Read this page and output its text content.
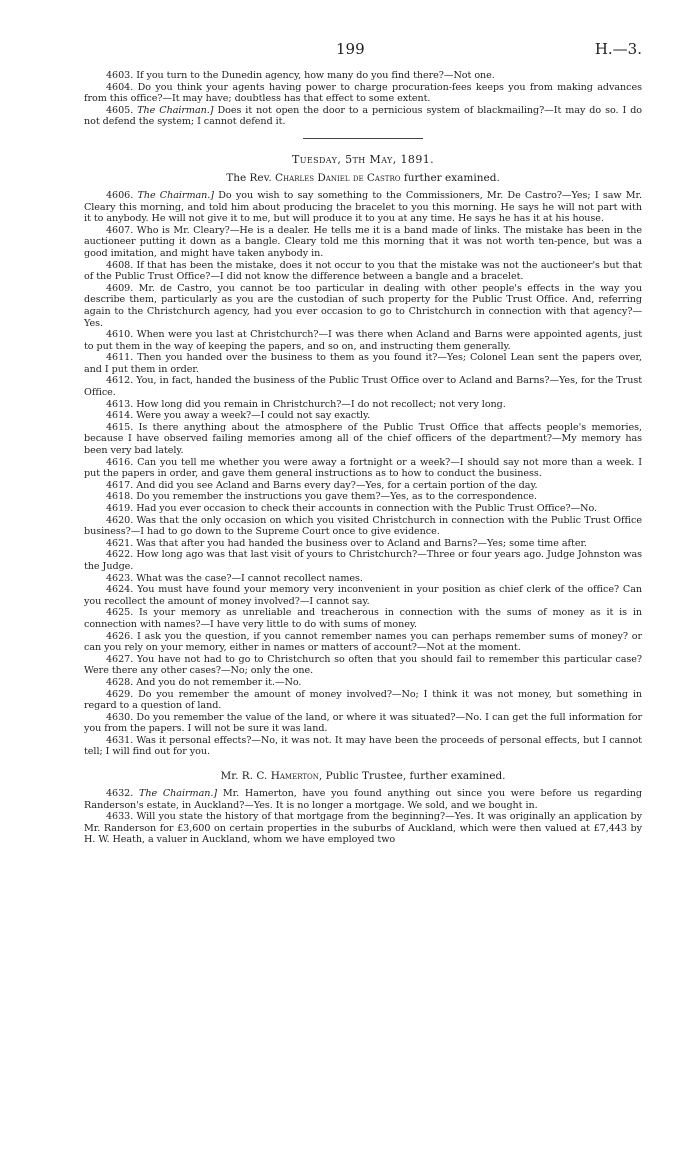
199	H.—3.

4603. If you turn to the Dunedin agency, how many do you find there?—Not one.

4604. Do you think your agents having power to charge procuration-fees keeps you from making advances from this office?—It may have; doubtless has that effect to some extent.

4605. The Chairman.] Does it not open the door to a pernicious system of blackmailing?—It may do so. I do not defend the system; I cannot defend it.

Tuesday, 5th May, 1891.

The Rev. Charles Daniel de Castro further examined.

4606. The Chairman.] Do you wish to say something to the Commissioners, Mr. De Castro?—Yes; I saw Mr. Cleary this morning, and told him about producing the bracelet to you this morning. He says he will not part with it to anybody. He will not give it to me, but will produce it to you at any time. He says he has it at his house.

4607. Who is Mr. Cleary?—He is a dealer. He tells me it is a band made of links. The mistake has been in the auctioneer putting it down as a bangle. Cleary told me this morning that it was not worth ten-pence, but was a good imitation, and might have taken anybody in.

4608. If that has been the mistake, does it not occur to you that the mistake was not the auctioneer's but that of the Public Trust Office?—I did not know the difference between a bangle and a bracelet.

4609. Mr. de Castro, you cannot be too particular in dealing with other people's effects in the way you describe them, particularly as you are the custodian of such property for the Public Trust Office. And, referring again to the Christchurch agency, had you ever occasion to go to Christchurch in connection with that agency?—Yes.

4610. When were you last at Christchurch?—I was there when Acland and Barns were appointed agents, just to put them in the way of keeping the papers, and so on, and instructing them generally.

4611. Then you handed over the business to them as you found it?—Yes; Colonel Lean sent the papers over, and I put them in order.

4612. You, in fact, handed the business of the Public Trust Office over to Acland and Barns?—Yes, for the Trust Office.

4613. How long did you remain in Christchurch?—I do not recollect; not very long.

4614. Were you away a week?—I could not say exactly.

4615. Is there anything about the atmosphere of the Public Trust Office that affects people's memories, because I have observed failing memories among all of the chief officers of the department?—My memory has been very bad lately.

4616. Can you tell me whether you were away a fortnight or a week?—I should say not more than a week. I put the papers in order, and gave them general instructions as to how to conduct the business.

4617. And did you see Acland and Barns every day?—Yes, for a certain portion of the day.

4618. Do you remember the instructions you gave them?—Yes, as to the correspondence.

4619. Had you ever occasion to check their accounts in connection with the Public Trust Office?—No.

4620. Was that the only occasion on which you visited Christchurch in connection with the Public Trust Office business?—I had to go down to the Supreme Court once to give evidence.

4621. Was that after you had handed the business over to Acland and Barns?—Yes; some time after.

4622. How long ago was that last visit of yours to Christchurch?—Three or four years ago. Judge Johnston was the Judge.

4623. What was the case?—I cannot recollect names.

4624. You must have found your memory very inconvenient in your position as chief clerk of the office? Can you recollect the amount of money involved?—I cannot say.

4625. Is your memory as unreliable and treacherous in connection with the sums of money as it is in connection with names?—I have very little to do with sums of money.

4626. I ask you the question, if you cannot remember names you can perhaps remember sums of money? or can you rely on your memory, either in names or matters of account?—Not at the moment.

4627. You have not had to go to Christchurch so often that you should fail to remember this particular case? Were there any other cases?—No; only the one.

4628. And you do not remember it.—No.

4629. Do you remember the amount of money involved?—No; I think it was not money, but something in regard to a question of land.

4630. Do you remember the value of the land, or where it was situated?—No. I can get the full information for you from the papers. I will not be sure it was land.

4631. Was it personal effects?—No, it was not. It may have been the proceeds of personal effects, but I cannot tell; I will find out for you.

Mr. R. C. Hamerton, Public Trustee, further examined.

4632. The Chairman.] Mr. Hamerton, have you found anything out since you were before us regarding Randerson's estate, in Auckland?—Yes. It is no longer a mortgage. We sold, and we bought in.

4633. Will you state the history of that mortgage from the beginning?—Yes. It was originally an application by Mr. Randerson for £3,600 on certain properties in the suburbs of Auckland, which were then valued at £7,443 by H. W. Heath, a valuer in Auckland, whom we have employed two
